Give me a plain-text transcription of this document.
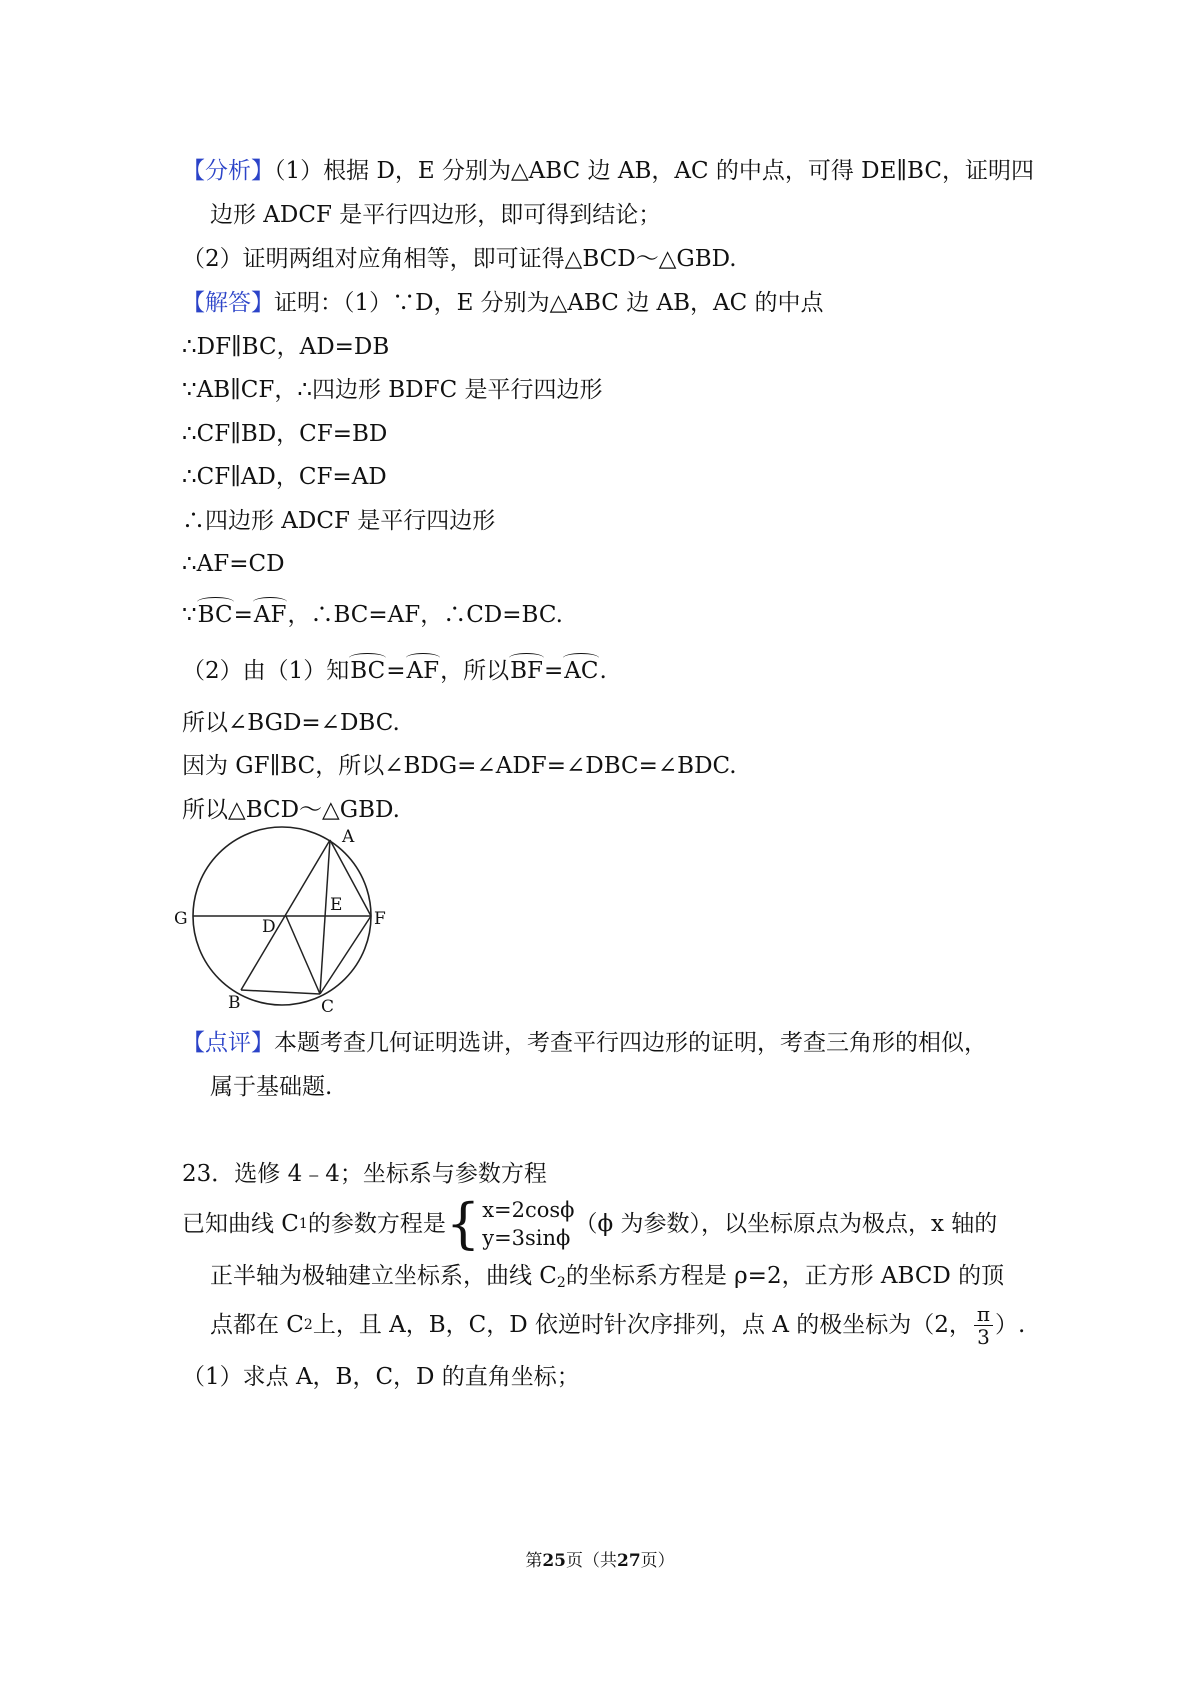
【分析】（1）根据 D，E 分别为△ABC 边 AB，AC 的中点，可得 DE∥BC，证明四
边形 ADCF 是平行四边形，即可得到结论；
（2）证明两组对应角相等，即可证得△BCD～△GBD.
【解答】证明：（1）∵D，E 分别为△ABC 边 AB，AC 的中点
∴DF∥BC，AD=DB
∵AB∥CF，∴四边形 BDFC 是平行四边形
∴CF∥BD，CF=BD
∴CF∥AD，CF=AD
∴四边形 ADCF 是平行四边形
∴AF=CD
∵BC=AF，∴BC=AF，∴CD=BC.
（2）由（1）知BC=AF，所以BF=AC.
所以∠BGD=∠DBC.
因为 GF∥BC，所以∠BDG=∠ADF=∠DBC=∠BDC.
所以△BCD～△GBD.
A
E
F
G	D
B	C
【点评】本题考查几何证明选讲，考查平行四边形的证明，考查三角形的相似，
属于基础题.
23．选修 4﹣4；坐标系与参数方程
已知曲线 C 1 的参数方程是 { x=2cosϕ
y=3sinϕ
（ϕ 为参数），以坐标原点为极点，x 轴的
正半轴为极轴建立坐标系，曲线 $C_2$的坐标系方程是 ρ=2，正方形 ABCD 的顶
点都在 C 2 上，且 A，B，C，D 依逆时针次序排列，点 A 的极坐标为（2， $\frac{\pi}{3}$ ）.
（1）求点 A，B，C，D 的直角坐标；
第25页（共27页）
